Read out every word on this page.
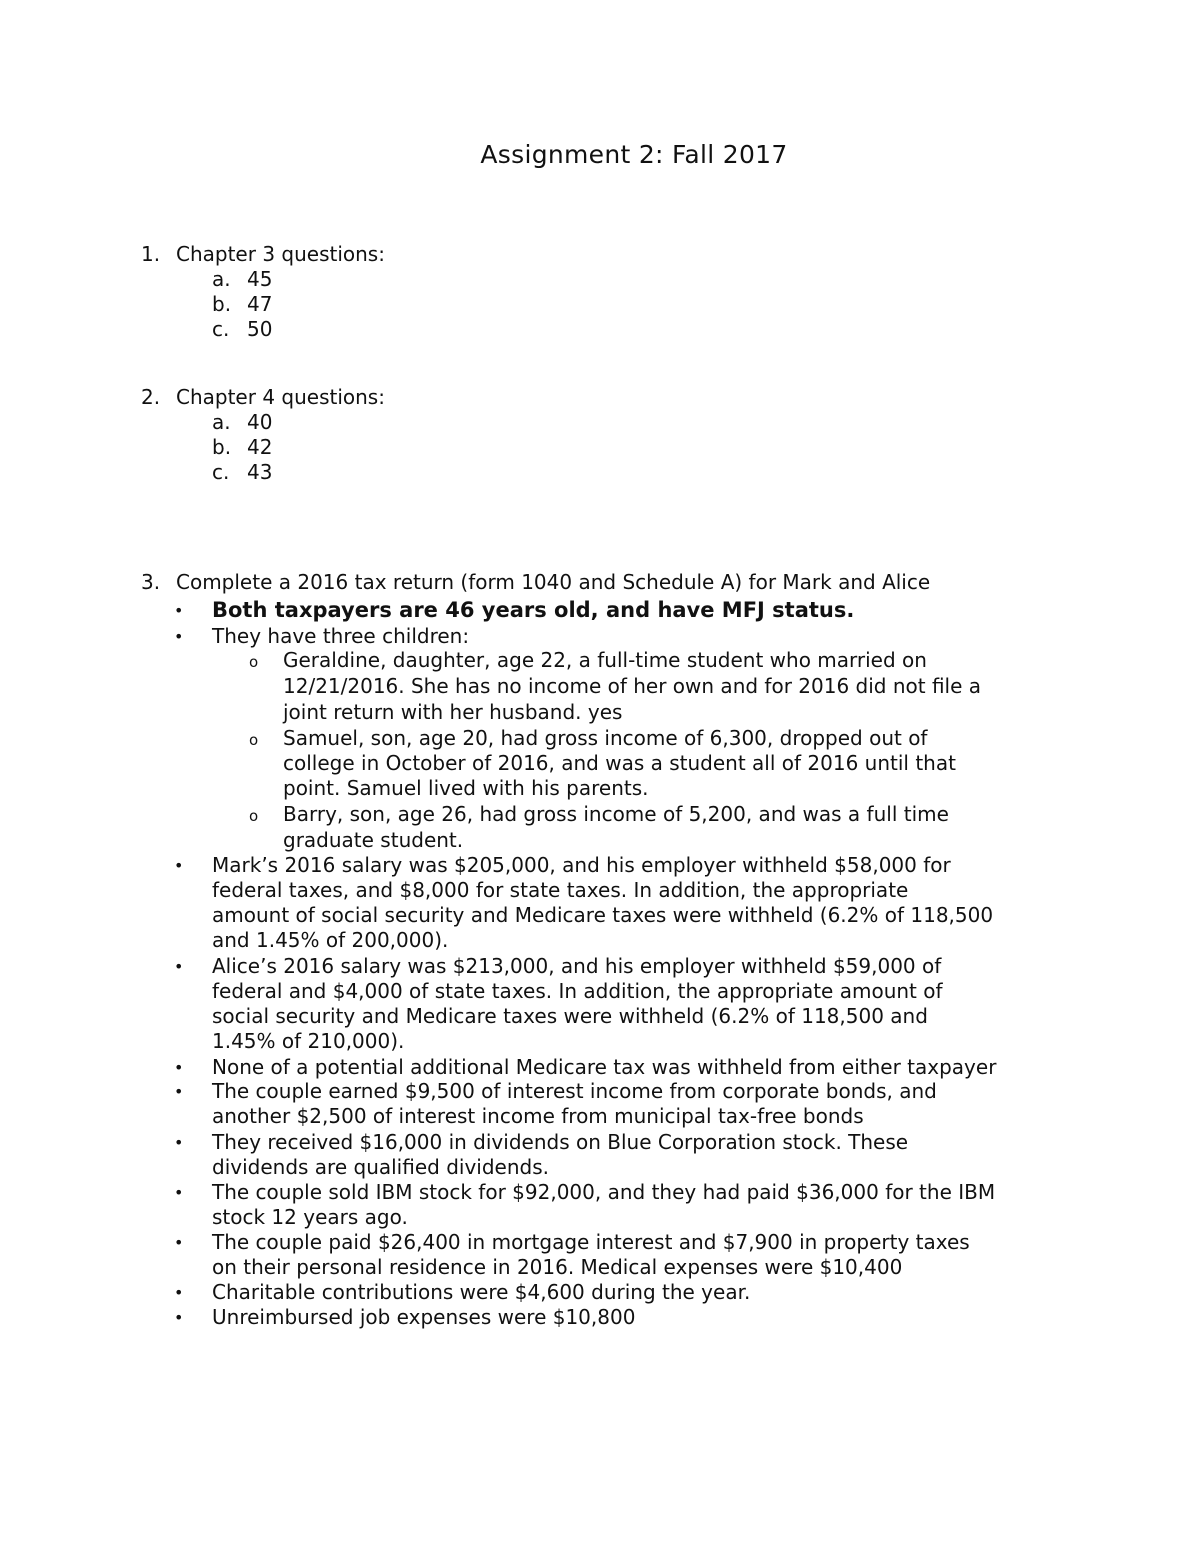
Assignment 2: Fall 2017
1. Chapter 3 questions:
a. 45
b. 47
c. 50
2. Chapter 4 questions:
a. 40
b. 42
c. 43
3. Complete a 2016 tax return (form 1040 and Schedule A) for Mark and Alice
• Both taxpayers are 46 years old, and have MFJ status.
• They have three children:
o Geraldine, daughter, age 22, a full-time student who married on
12/21/2016. She has no income of her own and for 2016 did not file a
joint return with her husband. yes
o Samuel, son, age 20, had gross income of 6,300, dropped out of
college in October of 2016, and was a student all of 2016 until that
point. Samuel lived with his parents.
o Barry, son, age 26, had gross income of 5,200, and was a full time
graduate student.
• Mark’s 2016 salary was $205,000, and his employer withheld $58,000 for
federal taxes, and $8,000 for state taxes. In addition, the appropriate
amount of social security and Medicare taxes were withheld (6.2% of 118,500
and 1.45% of 200,000).
• Alice’s 2016 salary was $213,000, and his employer withheld $59,000 of
federal and $4,000 of state taxes. In addition, the appropriate amount of
social security and Medicare taxes were withheld (6.2% of 118,500 and
1.45% of 210,000).
• None of a potential additional Medicare tax was withheld from either taxpayer
• The couple earned $9,500 of interest income from corporate bonds, and
another $2,500 of interest income from municipal tax-free bonds
• They received $16,000 in dividends on Blue Corporation stock. These
dividends are qualified dividends.
• The couple sold IBM stock for $92,000, and they had paid $36,000 for the IBM
stock 12 years ago.
• The couple paid $26,400 in mortgage interest and $7,900 in property taxes
on their personal residence in 2016. Medical expenses were $10,400
• Charitable contributions were $4,600 during the year.
• Unreimbursed job expenses were $10,800
